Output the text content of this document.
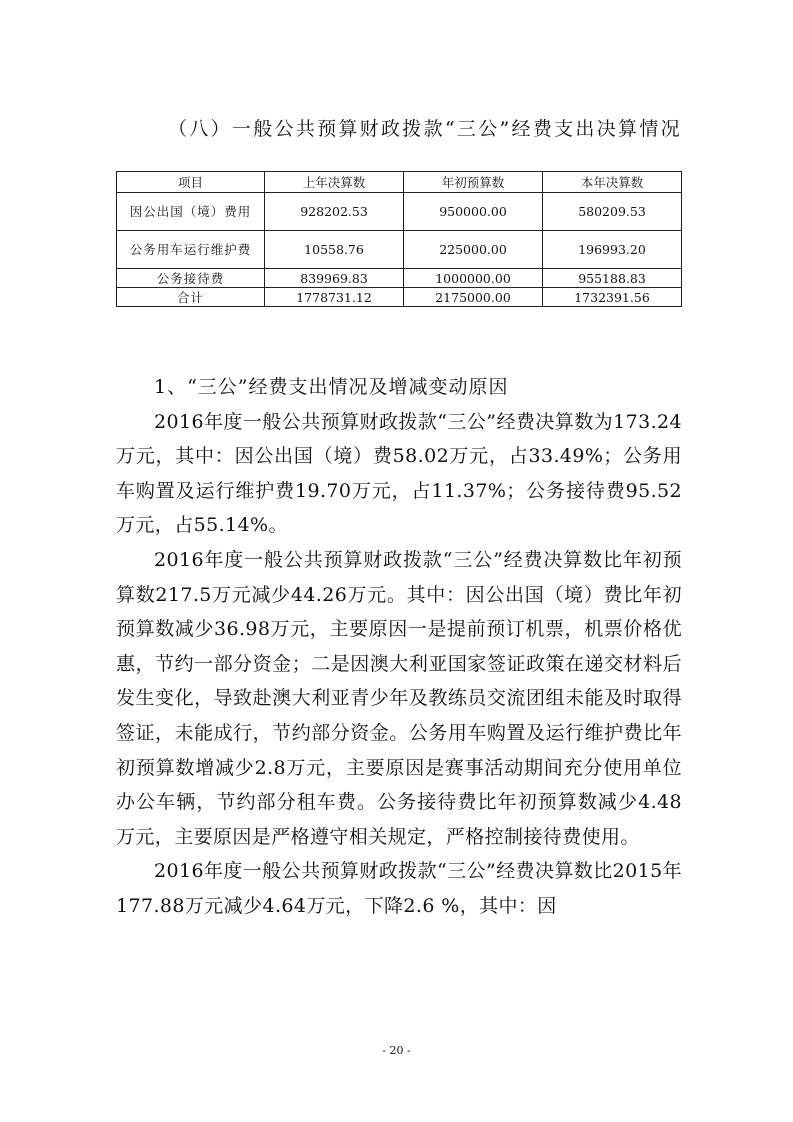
（八）一般公共预算财政拨款“三公”经费支出决算情况
项目	上年决算数	年初预算数	本年决算数
因公出国（境）费用	928202.53	950000.00	580209.53
公务用车运行维护费	10558.76	225000.00	196993.20
公务接待费	839969.83	1000000.00	955188.83
合计	1778731.12	2175000.00	1732391.56

1、“三公”经费支出情况及增减变动原因

2016年度一般公共预算财政拨款“三公”经费决算数为173.24万元，其中：因公出国（境）费58.02万元，占33.49%；公务用车购置及运行维护费19.70万元，占11.37%；公务接待费95.52万元，占55.14%。

2016年度一般公共预算财政拨款“三公”经费决算数比年初预算数217.5万元减少44.26万元。其中：因公出国（境）费比年初预算数减少36.98万元，主要原因一是提前预订机票，机票价格优惠，节约一部分资金；二是因澳大利亚国家签证政策在递交材料后发生变化，导致赴澳大利亚青少年及教练员交流团组未能及时取得签证，未能成行，节约部分资金。公务用车购置及运行维护费比年初预算数增减少2.8万元，主要原因是赛事活动期间充分使用单位办公车辆，节约部分租车费。公务接待费比年初预算数减少4.48万元，主要原因是严格遵守相关规定，严格控制接待费使用。

2016年度一般公共预算财政拨款“三公”经费决算数比2015年177.88万元减少4.64万元，下降2.6 %，其中：因

- 20 -
